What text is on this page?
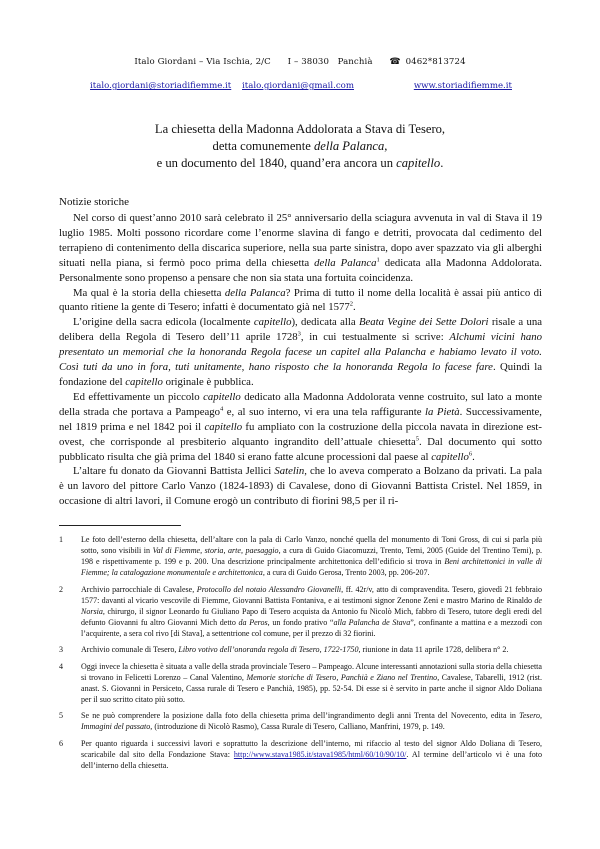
Italo Giordani – Via Ischia, 2/C I – 38030 Panchià ☎ 0462*813724
italo.giordani@storiadifiemme.it italo.giordani@gmail.com	www.storiadifiemme.it
La chiesetta della Madonna Addolorata a Stava di Tesero,
detta comunemente della Palanca,
e un documento del 1840, quand’era ancora un capitello.
Notizie storiche

Nel corso di quest’anno 2010 sarà celebrato il 25° anniversario della sciagura avvenuta in val di Stava il 19 luglio 1985. Molti possono ricordare come l’enorme slavina di fango e detriti, provocata dal cedimento del terrapieno di contenimento della discarica superiore, nella sua parte sinistra, dopo aver spazzato via gli alberghi situati nella piana, si fermò poco prima della chiesetta della Palanca$^1$ dedicata alla Madonna Addolorata. Personalmente sono propenso a pensare che non sia stata una fortuita coincidenza.

Ma qual è la storia della chiesetta della Palanca? Prima di tutto il nome della località è assai più antico di quanto ritiene la gente di Tesero; infatti è documentato già nel 1577$^2$.

L’origine della sacra edicola (localmente capitello), dedicata alla Beata Vegine dei Sette Dolori risale a una delibera della Regola di Tesero dell’11 aprile 1728$^3$, in cui testualmente si scrive: Alchumi vicini hano presentato un memorial che la honoranda Regola facese un capitel alla Palancha e habiamo levato il voto. Così tuti da uno in fora, tuti unitamente, hano risposto che la honoranda Regola lo facese fare. Quindi la fondazione del capitello originale è pubblica.

Ed effettivamente un piccolo capitello dedicato alla Madonna Addolorata venne costruito, sul lato a monte della strada che portava a Pampeago$^4$ e, al suo interno, vi era una tela raffigurante la Pietà. Successivamente, nel 1819 prima e nel 1842 poi il capitello fu ampliato con la costruzione della piccola navata in direzione est-ovest, che corrisponde al presbiterio alquanto ingrandito dell’attuale chiesetta$^5$. Dal documento qui sotto pubblicato risulta che già prima del 1840 si erano fatte alcune processioni dal paese al capitello$^6$.

L’altare fu donato da Giovanni Battista Jellici Satelin, che lo aveva comperato a Bolzano da privati. La pala è un lavoro del pittore Carlo Vanzo (1824-1893) di Cavalese, dono di Giovanni Battista Cristel. Nel 1859, in occasione di altri lavori, il Comune erogò un contributo di fiorini 98,5 per il ri-

1 Le foto dell’esterno della chiesetta, dell’altare con la pala di Carlo Vanzo, nonché quella del monumento di Toni Gross, di cui si parla più sotto, sono visibili in Val di Fiemme, storia, arte, paesaggio, a cura di Guido Giacomuzzi, Trento, Temi, 2005 (Guide del Trentino Temi), p. 198 e rispettivamente p. 199 e p. 200. Una descrizione principalmente architettonica dell’edificio si trova in Beni architettonici in valle di Fiemme; la catalogazione monumentale e architettonica, a cura di Guido Gerosa, Trento 2003, pp. 206-207.
2 Archivio parrocchiale di Cavalese, Protocollo del notaio Alessandro Giovanelli, ff. 42r/v, atto di compravendita. Tesero, giovedì 21 febbraio 1577: davanti al vicario vescovile di Fiemme, Giovanni Battista Fontaniva, e ai testimoni signor Zenone Zeni e mastro Marino de Rinaldo de Norsia, chirurgo, il signor Leonardo fu Giuliano Papo di Tesero acquista da Antonio fu Nicolò Mich, fabbro di Tesero, tutore degli eredi del defunto Giovanni fu altro Giovanni Mich detto da Peros, un fondo prativo “alla Palancha de Stava”, confinante a mattina e a mezzodì con l’acquirente, a sera col rivo [di Stava], a settentrione col comune, per il prezzo di 32 fiorini.
3 Archivio comunale di Tesero, Libro votivo dell’onoranda regola di Tesero, 1722-1750, riunione in data 11 aprile 1728, delibera n° 2.
4 Oggi invece la chiesetta è situata a valle della strada provinciale Tesero – Pampeago. Alcune interessanti annotazioni sulla storia della chiesetta si trovano in Felicetti Lorenzo – Canal Valentino, Memorie storiche di Tesero, Panchià e Ziano nel Trentino, Cavalese, Tabarelli, 1912 (rist. anast. S. Giovanni in Persiceto, Cassa rurale di Tesero e Panchià, 1985), pp. 52-54. Di esse si è servito in parte anche il signor Aldo Doliana per il suo scritto citato più sotto.
5 Se ne può comprendere la posizione dalla foto della chiesetta prima dell’ingrandimento degli anni Trenta del Novecento, edita in Tesero, Immagini del passato, (introduzione di Nicolò Rasmo), Cassa Rurale di Tesero, Calliano, Manfrini, 1979, p. 149.
6 Per quanto riguarda i successivi lavori e soprattutto la descrizione dell’interno, mi rifaccio al testo del signor Aldo Doliana di Tesero, scaricabile dal sito della Fondazione Stava: http://www.stava1985.it/stava1985/html/60/10/90/10/. Al termine dell’articolo vi è una foto dell’interno della chiesetta.
